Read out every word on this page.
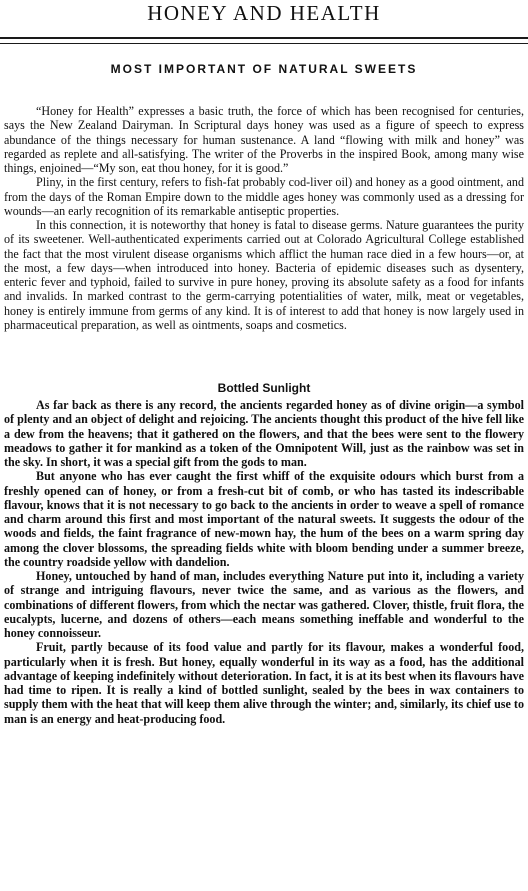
HONEY AND HEALTH
MOST IMPORTANT OF NATURAL SWEETS

“Honey for Health” expresses a basic truth, the force of which has been recognised for centuries, says the New Zealand Dairyman. In Scriptural days honey was used as a figure of speech to express abundance of the things necessary for human sustenance. A land “flowing with milk and honey” was regarded as replete and all-satisfying. The writer of the Proverbs in the inspired Book, among many wise things, enjoined—“My son, eat thou honey, for it is good.”

Pliny, in the first century, refers to fish-fat probably cod-liver oil) and honey as a good ointment, and from the days of the Roman Empire down to the middle ages honey was commonly used as a dressing for wounds—an early recognition of its remarkable antiseptic properties.

In this connection, it is noteworthy that honey is fatal to disease germs. Nature guarantees the purity of its sweetener. Well-authenticated experiments carried out at Colorado Agricultural College established the fact that the most virulent disease organisms which afflict the human race died in a few hours—or, at the most, a few days—when introduced into honey. Bacteria of epidemic diseases such as dysentery, enteric fever and typhoid, failed to survive in pure honey, proving its absolute safety as a food for infants and invalids. In marked contrast to the germ-carrying potentialities of water, milk, meat or vegetables, honey is entirely immune from germs of any kind. It is of interest to add that honey is now largely used in pharmaceutical preparation, as well as ointments, soaps and cosmetics.

Bottled Sunlight

As far back as there is any record, the ancients regarded honey as of divine origin—a symbol of plenty and an object of delight and rejoicing. The ancients thought this product of the hive fell like a dew from the heavens; that it gathered on the flowers, and that the bees were sent to the flowery meadows to gather it for mankind as a token of the Omnipotent Will, just as the rainbow was set in the sky. In short, it was a special gift from the gods to man.

But anyone who has ever caught the first whiff of the exquisite odours which burst from a freshly opened can of honey, or from a fresh-cut bit of comb, or who has tasted its indescribable flavour, knows that it is not necessary to go back to the ancients in order to weave a spell of romance and charm around this first and most important of the natural sweets. It suggests the odour of the woods and fields, the faint fragrance of new-mown hay, the hum of the bees on a warm spring day among the clover blossoms, the spreading fields white with bloom bending under a summer breeze, the country roadside yellow with dandelion.

Honey, untouched by hand of man, includes everything Nature put into it, including a variety of strange and intriguing flavours, never twice the same, and as various as the flowers, and combinations of different flowers, from which the nectar was gathered. Clover, thistle, fruit flora, the eucalypts, lucerne, and dozens of others—each means something ineffable and wonderful to the honey connoisseur.

Fruit, partly because of its food value and partly for its flavour, makes a wonderful food, particularly when it is fresh. But honey, equally wonderful in its way as a food, has the additional advantage of keeping indefinitely without deterioration. In fact, it is at its best when its flavours have had time to ripen. It is really a kind of bottled sunlight, sealed by the bees in wax containers to supply them with the heat that will keep them alive through the winter; and, similarly, its chief use to man is an energy and heat-producing food.
